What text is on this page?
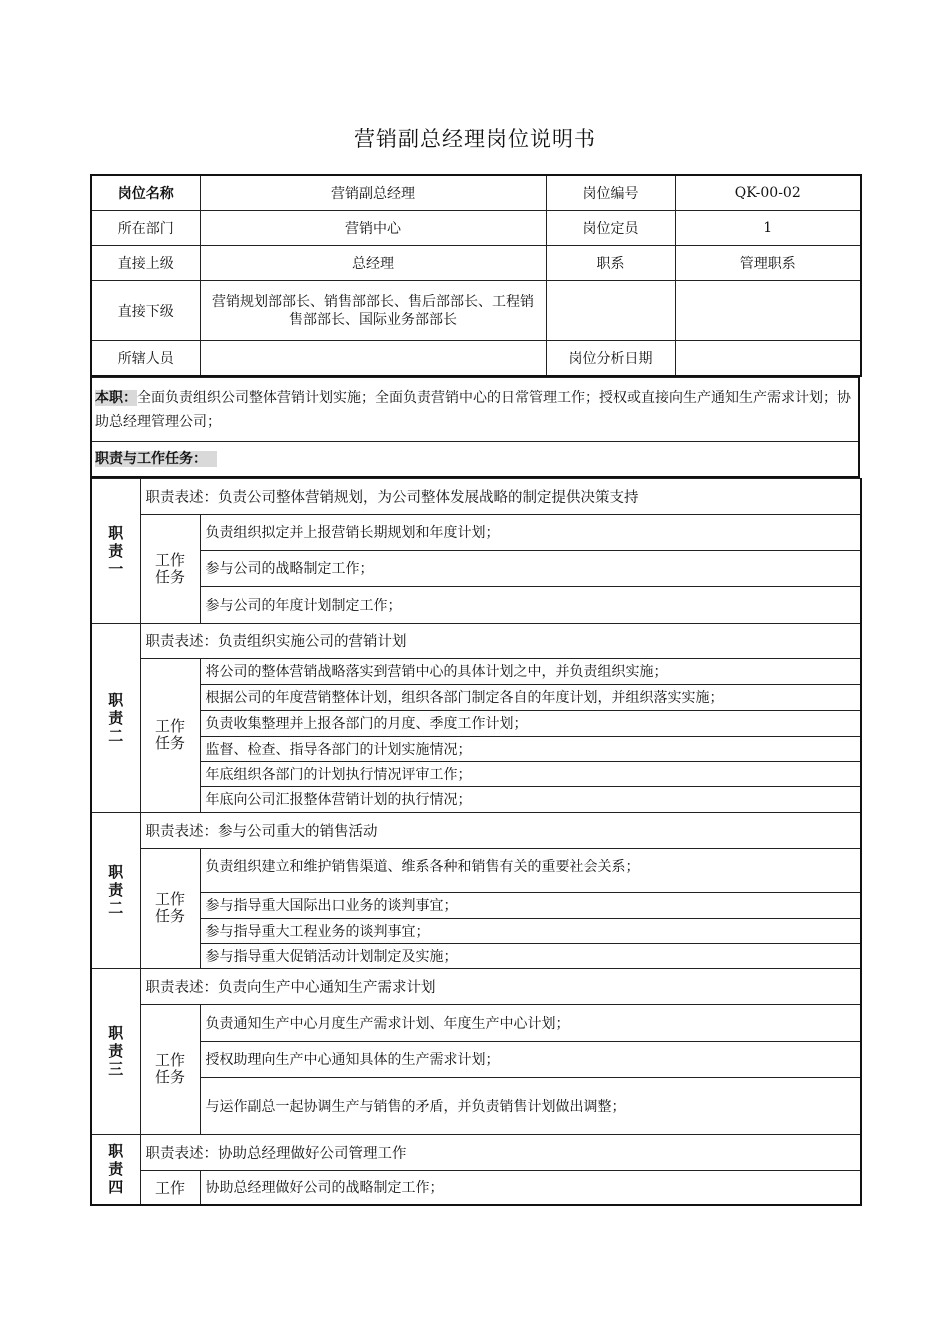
营销副总经理岗位说明书
岗位名称	营销副总经理	岗位编号	QK-00-02
所在部门	营销中心	岗位定员	1
直接上级	总经理	职系	管理职系
直接下级	营销规划部部长、销售部部长、售后部部长、工程销售部部长、国际业务部部长		
所辖人员		岗位分析日期	
本职：全面负责组织公司整体营销计划实施；全面负责营销中心的日常管理工作；授权或直接向生产通知生产需求计划；协助总经理管理公司；
职责与工作任务：
职责一	职责表述：负责公司整体营销规划，为公司整体发展战略的制定提供决策支持	
	工作任务	负责组织拟定并上报营销长期规划和年度计划；
		参与公司的战略制定工作；
		参与公司的年度计划制定工作；
职责二	职责表述：负责组织实施公司的营销计划	
	工作任务	将公司的整体营销战略落实到营销中心的具体计划之中，并负责组织实施；
		根据公司的年度营销整体计划，组织各部门制定各自的年度计划，并组织落实实施；
		负责收集整理并上报各部门的月度、季度工作计划；
		监督、检查、指导各部门的计划实施情况；
		年底组织各部门的计划执行情况评审工作；
		年底向公司汇报整体营销计划的执行情况；
职责二	职责表述：参与公司重大的销售活动	
	工作任务	负责组织建立和维护销售渠道、维系各种和销售有关的重要社会关系；
		参与指导重大国际出口业务的谈判事宜；
		参与指导重大工程业务的谈判事宜；
		参与指导重大促销活动计划制定及实施；
职责三	职责表述：负责向生产中心通知生产需求计划	
	工作任务	负责通知生产中心月度生产需求计划、年度生产中心计划；
		授权助理向生产中心通知具体的生产需求计划；
		与运作副总一起协调生产与销售的矛盾，并负责销售计划做出调整；
职责四	职责表述：协助总经理做好公司管理工作	
	工作	协助总经理做好公司的战略制定工作；
